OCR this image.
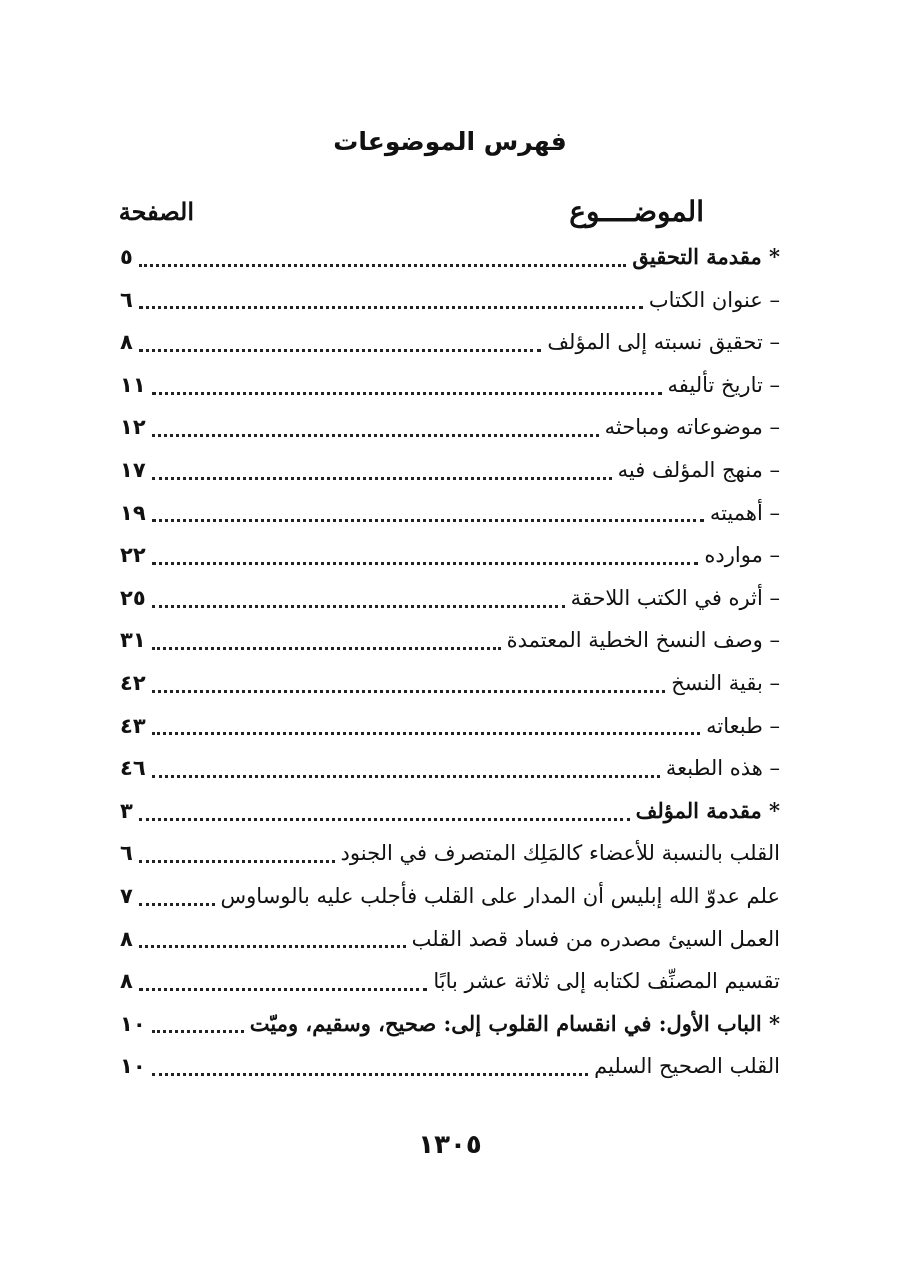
فهرس الموضوعات
الموضــــوع
الصفحة
* مقدمة التحقيق
٥
– عنوان الكتاب
٦
– تحقيق نسبته إلى المؤلف
٨
– تاريخ تأليفه
١١
– موضوعاته ومباحثه
١٢
– منهج المؤلف فيه
١٧
– أهميته
١٩
– موارده
٢٢
– أثره في الكتب اللاحقة
٢٥
– وصف النسخ الخطية المعتمدة
٣١
– بقية النسخ
٤٢
– طبعاته
٤٣
– هذه الطبعة
٤٦
* مقدمة المؤلف
٣
القلب بالنسبة للأعضاء كالمَلِك المتصرف في الجنود
٦
علم عدوّ الله إبليس أن المدار على القلب فأجلب عليه بالوساوس
٧
العمل السيئ مصدره من فساد قصد القلب
٨
تقسيم المصنِّف لكتابه إلى ثلاثة عشر بابًا
٨
* الباب الأول: في انقسام القلوب إلى: صحيح، وسقيم، وميّت
١٠
القلب الصحيح السليم
١٠
١٣٠٥
